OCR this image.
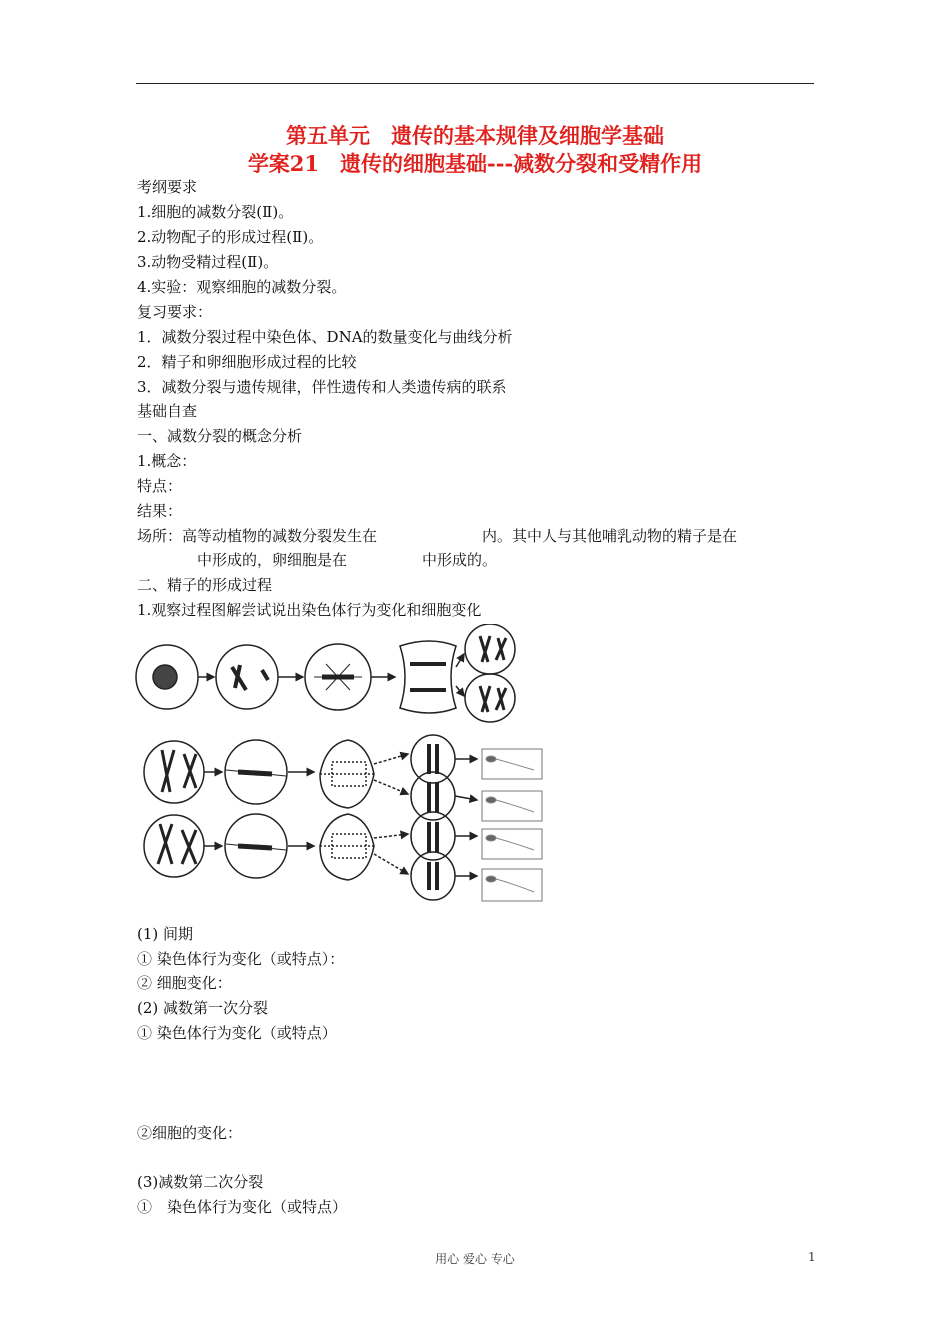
第五单元　遗传的基本规律及细胞学基础
学案21　遗传的细胞基础---减数分裂和受精作用
考纲要求
1.细胞的减数分裂(Ⅱ)。
2.动物配子的形成过程(Ⅱ)。
3.动物受精过程(Ⅱ)。
4.实验：观察细胞的减数分裂。
复习要求：
1．减数分裂过程中染色体、DNA的数量变化与曲线分析
2．精子和卵细胞形成过程的比较
3．减数分裂与遗传规律，伴性遗传和人类遗传病的联系
基础自查
一、减数分裂的概念分析
1.概念：
特点：
结果：
场所：高等动植物的减数分裂发生在　　　　　　　内。其中人与其他哺乳动物的精子是在
　　　　中形成的，卵细胞是在　　　　　中形成的。
二、精子的形成过程
1.观察过程图解尝试说出染色体行为变化和细胞变化
(1) 间期
① 染色体行为变化（或特点）：
② 细胞变化：
(2) 减数第一次分裂
① 染色体行为变化（或特点）
②细胞的变化：
(3)减数第二次分裂
①　染色体行为变化（或特点）
用心 爱心 专心	1
